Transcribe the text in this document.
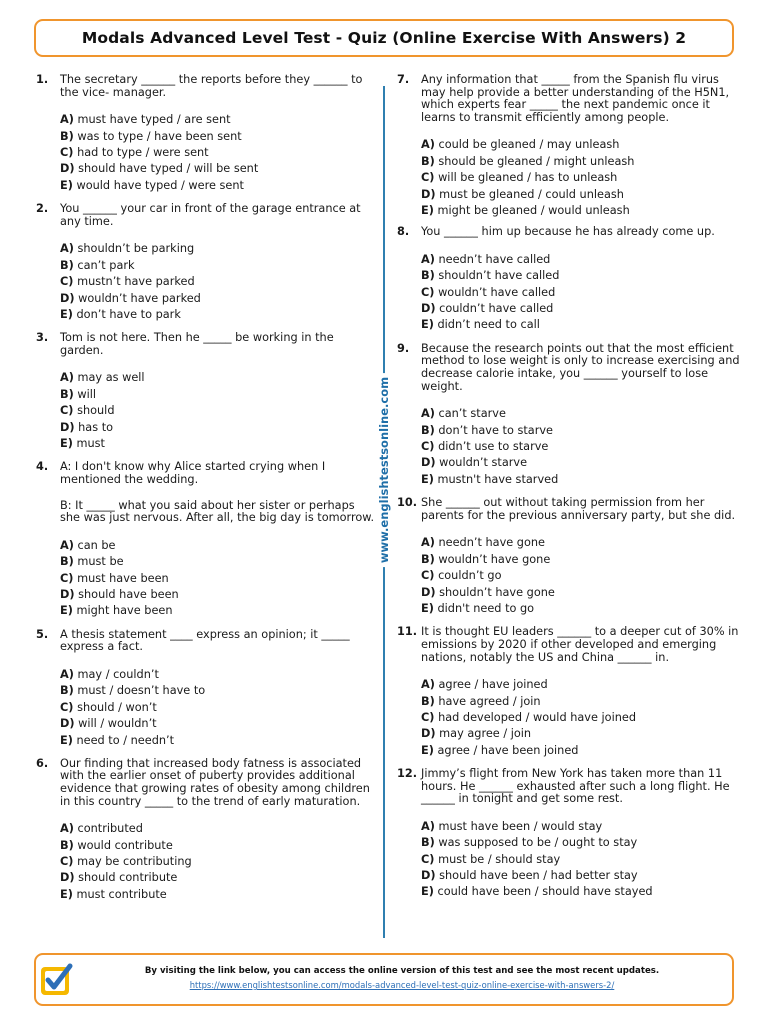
Modals Advanced Level Test - Quiz (Online Exercise With Answers) 2
1.	The secretary ______ the reports before they ______ to the vice- manager.

A) must have typed / are sent
B) was to type / have been sent
C) had to type / were sent
D) should have typed / will be sent
E) would have typed / were sent
2.	You ______ your car in front of the garage entrance at any time.

A) shouldn’t be parking
B) can’t park
C) mustn’t have parked
D) wouldn’t have parked
E) don’t have to park
3.	Tom is not here. Then he _____ be working in the garden.

A) may as well
B) will
C) should
D) has to
E) must
4.	A: I don't know why Alice started crying when I mentioned the wedding.

B: It _____ what you said about her sister or perhaps she was just nervous. After all, the big day is tomorrow.

A) can be
B) must be
C) must have been
D) should have been
E) might have been
5.	A thesis statement ____ express an opinion; it _____ express a fact.

A) may / couldn’t
B) must / doesn’t have to
C) should / won’t
D) will / wouldn’t
E) need to / needn’t
6.	Our finding that increased body fatness is associated with the earlier onset of puberty provides additional evidence that growing rates of obesity among children in this country _____ to the trend of early maturation.

A) contributed
B) would contribute
C) may be contributing
D) should contribute
E) must contribute
www.englishtestsonline.com
7.	Any information that _____ from the Spanish flu virus may help provide a better understanding of the H5N1, which experts fear _____ the next pandemic once it learns to transmit efficiently among people.

A) could be gleaned / may unleash
B) should be gleaned / might unleash
C) will be gleaned / has to unleash
D) must be gleaned / could unleash
E) might be gleaned / would unleash
8.	You ______ him up because he has already come up.

A) needn’t have called
B) shouldn’t have called
C) wouldn’t have called
D) couldn’t have called
E) didn’t need to call
9.	Because the research points out that the most efficient method to lose weight is only to increase exercising and decrease calorie intake, you ______ yourself to lose weight.

A) can’t starve
B) don’t have to starve
C) didn’t use to starve
D) wouldn’t starve
E) mustn't have starved
10. She ______ out without taking permission from her parents for the previous anniversary party, but she did.

A) needn’t have gone
B) wouldn’t have gone
C) couldn’t go
D) shouldn’t have gone
E) didn't need to go
11. It is thought EU leaders ______ to a deeper cut of 30% in emissions by 2020 if other developed and emerging nations, notably the US and China ______ in.

A) agree / have joined
B) have agreed / join
C) had developed / would have joined
D) may agree / join
E) agree / have been joined
12. Jimmy’s flight from New York has taken more than 11 hours. He ______ exhausted after such a long flight. He ______ in tonight and get some rest.

A) must have been / would stay
B) was supposed to be / ought to stay
C) must be / should stay
D) should have been / had better stay
E) could have been / should have stayed
By visiting the link below, you can access the online version of this test and see the most recent updates.
https://www.englishtestsonline.com/modals-advanced-level-test-quiz-online-exercise-with-answers-2/
